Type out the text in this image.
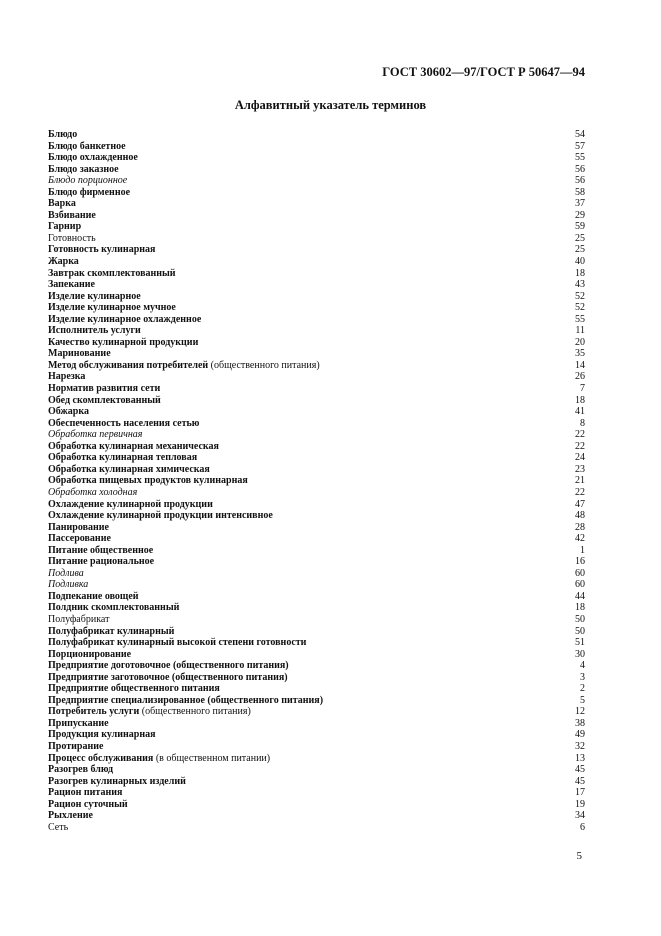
ГОСТ 30602—97/ГОСТ Р 50647—94
Алфавитный указатель терминов
Блюдо	54
Блюдо банкетное	57
Блюдо охлажденное	55
Блюдо заказное	56
Блюдо порционное	56
Блюдо фирменное	58
Варка	37
Взбивание	29
Гарнир	59
Готовность	25
Готовность кулинарная	25
Жарка	40
Завтрак скомплектованный	18
Запекание	43
Изделие кулинарное	52
Изделие кулинарное мучное	52
Изделие кулинарное охлажденное	55
Исполнитель услуги	11
Качество кулинарной продукции	20
Маринование	35
Метод обслуживания потребителей (общественного питания)	14
Нарезка	26
Норматив развития сети	7
Обед скомплектованный	18
Обжарка	41
Обеспеченность населения сетью	8
Обработка первичная	22
Обработка кулинарная механическая	22
Обработка кулинарная тепловая	24
Обработка кулинарная химическая	23
Обработка пищевых продуктов кулинарная	21
Обработка холодная	22
Охлаждение кулинарной продукции	47
Охлаждение кулинарной продукции интенсивное	48
Панирование	28
Пассерование	42
Питание общественное	1
Питание рациональное	16
Подлива	60
Подливка	60
Подпекание овощей	44
Полдник скомплектованный	18
Полуфабрикат	50
Полуфабрикат кулинарный	50
Полуфабрикат кулинарный высокой степени готовности	51
Порционирование	30
Предприятие доготовочное (общественного питания)	4
Предприятие заготовочное (общественного питания)	3
Предприятие общественного питания	2
Предприятие специализированное (общественного питания)	5
Потребитель услуги (общественного питания)	12
Припускание	38
Продукция кулинарная	49
Протирание	32
Процесс обслуживания (в общественном питании)	13
Разогрев блюд	45
Разогрев кулинарных изделий	45
Рацион питания	17
Рацион суточный	19
Рыхление	34
Сеть	6
5
